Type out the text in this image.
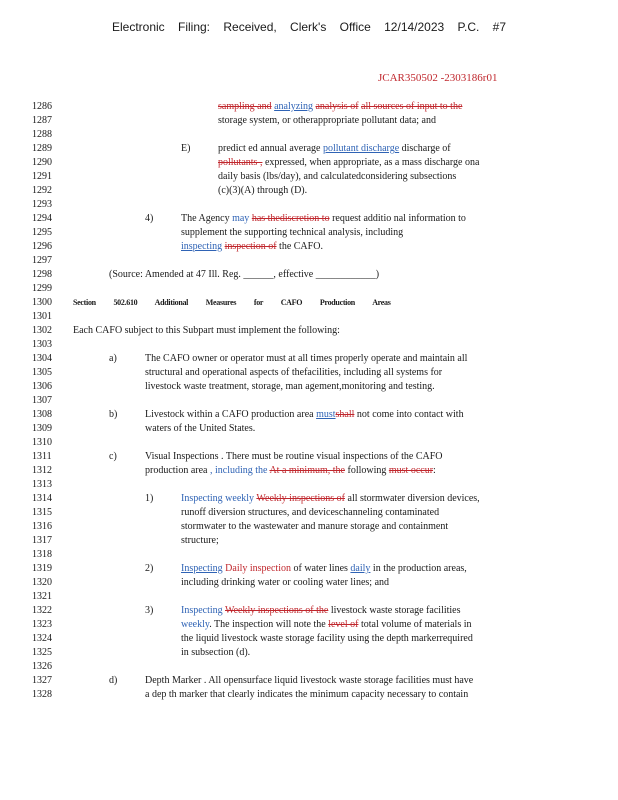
Electronic Filing: Received, Clerk's Office 12/14/2023 P.C. #7
JCAR350502 -2303186r01
1286
1287
1288
1289
1290
1291
1292
1293
1294
1295
1296
1297
1298
1299
1300
1301
1302
1303
1304
1305
1306
1307
1308
1309
1310
1311
1312
1313
1314
1315
1316
1317
1318
1319
1320
1321
1322
1323
1324
1325
1326
1327
1328
E)
4)
a)
b)
c)
1)
2)
3)
d)
sampling and analyzing analysis of all sources of input to the
storage system, or otherappropriate pollutant data; and
predict ed annual average pollutant discharge discharge of
pollutants , expressed, when appropriate, as a mass discharge ona
daily basis (lbs/day), and calculatedconsidering subsections
(c)(3)(A) through (D).
The Agency may has thediscretion to request additio nal information to
supplement the supporting technical analysis, including
inspecting inspection of the CAFO.
(Source: Amended at 47 Ill. Reg. ______, effective ____________)
Section 502.610 Additional Measures for CAFO Production Areas
Each CAFO subject to this Subpart must implement the following:
The CAFO owner or operator must at all times properly operate and maintain all
structural and operational aspects of thefacilities, including all systems for
livestock waste treatment, storage, man agement,monitoring and testing.
Livestock within a CAFO production area mustshall not come into contact with
waters of the United States.
Visual Inspections . There must be routine visual inspections of the CAFO
production area , including the At a minimum, the following must occur:
Inspecting weekly Weekly inspections of all stormwater diversion devices,
runoff diversion structures, and deviceschanneling contaminated
stormwater to the wastewater and manure storage and containment
structure;
Inspecting Daily inspection of water lines daily in the production areas,
including drinking water or cooling water lines; and
Inspecting Weekly inspections of the livestock waste storage facilities
weekly. The inspection will note the level of total volume of materials in
the liquid livestock waste storage facility using the depth markerrequired
in subsection (d).
Depth Marker . All opensurface liquid livestock waste storage facilities must have
a dep th marker that clearly indicates the minimum capacity necessary to contain
